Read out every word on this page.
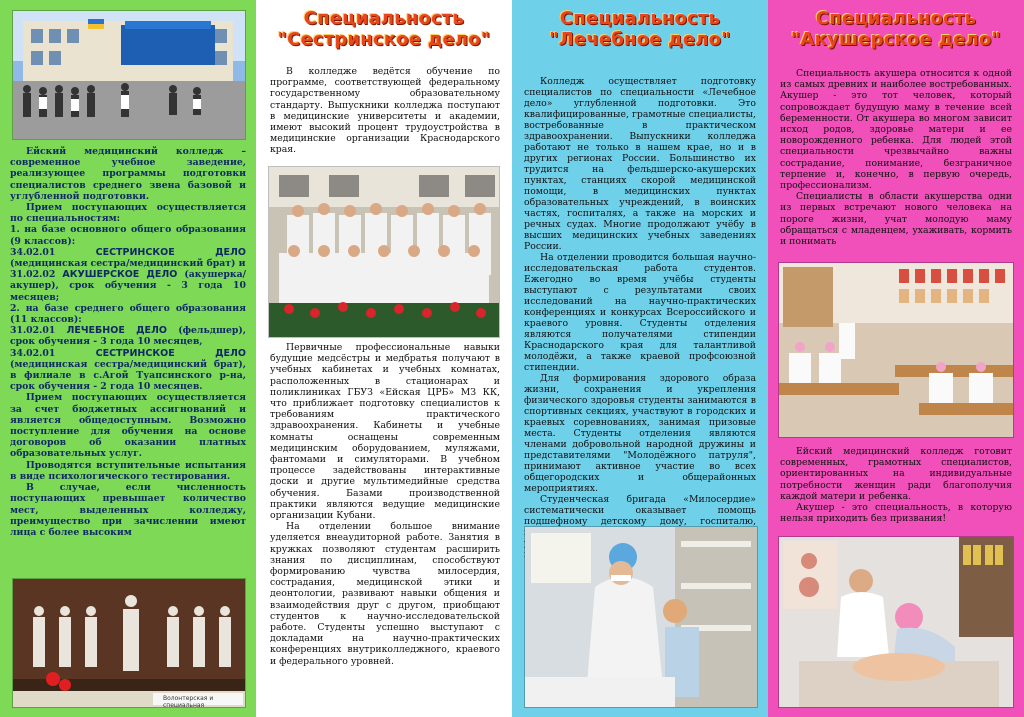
Ейский медицинский колледж – современное учебное заведение, реализующее программы подготовки специалистов среднего звена базовой и углубленной подготовки.

Прием поступающих осуществляется по специальностям:

1. на базе основного общего образования (9 классов):

34.02.01	СЕСТРИНСКОЕ ДЕЛО (медицинская сестра/медицинский брат) и

31.02.02 АКУШЕРСКОЕ ДЕЛО (акушерка/акушер), срок обучения - 3 года 10 месяцев;

2. на базе среднего общего образования (11 классов):

31.02.01 ЛЕЧЕБНОЕ ДЕЛО (фельдшер), срок обучения - 3 года 10 месяцев,

34.02.01	СЕСТРИНСКОЕ ДЕЛО (медицинская сестра/медицинский брат), в филиале в с.Агой Туапсинского р-на, срок обучения - 2 года 10 месяцев.

Прием поступающих осуществляется за счет бюджетных ассигнований и является общедоступным. Возможно поступление для обучения на основе договоров об оказании платных образовательных услуг.

Проводятся вступительные испытания в виде психологического тестирования.

В случае, если численность поступающих превышает количество мест, выделенных колледжу, преимущество при зачислении имеют лица с более высоким

Волонтерская и специальная

Специальность

"Сестринское дело"

В колледже ведётся обучение по программе, соответствующей федеральному государственному образовательному стандарту. Выпускники колледжа поступают в медицинские университеты и академии, имеют высокий процент трудоустройства в медицинские организации Краснодарского края.

Первичные профессиональные навыки будущие медсёстры и медбратья получают в учебных кабинетах и учебных комнатах, расположенных в стационарах и поликлиниках ГБУЗ «Ейская ЦРБ» МЗ КК, что приближает подготовку специалистов к требованиям практического здравоохранения. Кабинеты и учебные комнаты оснащены современным медицинским оборудованием, муляжами, фантомами и симуляторами. В учебном процессе задействованы интерактивные доски и другие мультимедийные средства обучения. Базами производственной практики являются ведущие медицинские организации Кубани.

На отделении большое внимание уделяется внеаудиторной работе. Занятия в кружках позволяют студентам расширить знания по дисциплинам, способствуют формированию чувства милосердия, сострадания, медицинской этики и деонтологии, развивают навыки общения и взаимодействия друг с другом, приобщают студентов к научно-исследовательской работе. Студенты успешно выступают с докладами на научно-практических конференциях внутриколледжного, краевого и федерального уровней.

Специальность

"Лечебное дело"

Колледж осуществляет подготовку специалистов по специальности «Лечебное дело» углубленной подготовки. Это квалифицированные, грамотные специалисты, востребованные в практическом здравоохранении. Выпускники колледжа работают не только в нашем крае, но и в других регионах России. Большинство их трудится на фельдшерско-акушерских пунктах, станциях скорой медицинской помощи, в медицинских пунктах образовательных учреждений, в воинских частях, госпиталях, а также на морских и речных судах. Многие продолжают учёбу в высших медицинских учебных заведениях России.

На отделении проводится большая научно-исследовательская работа студентов. Ежегодно во время учёбы студенты выступают с результатами своих исследований на научно-практических конференциях и конкурсах Всероссийского и краевого уровня. Студенты отделения являются получателями стипендии Краснодарского края для талантливой молодёжи, а также краевой профсоюзной стипендии.

Для формирования здорового образа жизни, сохранения и укрепления физического здоровья студенты занимаются в спортивных секциях, участвуют в городских и краевых соревнованиях, занимая призовые места. Студенты отделения являются членами добровольной народной дружины и представителями "Молодёжного патруля", принимают активное участие во всех общегородских и общерайонных мероприятиях.

Студенческая бригада «Милосердие» систематически оказывает помощь подшефному детскому дому, госпиталю,

Специальность

"Акушерское дело"

Специальность акушера относится к одной из самых древних и наиболее востребованных. Акушер - это тот человек, который сопровождает будущую маму в течение всей беременности. От акушера во многом зависит исход родов, здоровье матери и ее новорожденного ребенка. Для людей этой специальности чрезвычайно важны сострадание, понимание, безграничное терпение и, конечно, в первую очередь, профессионализм.

Специалисты в области акушерства одни из первых встречают нового человека на пороге жизни, учат молодую маму обращаться с младенцем, ухаживать, кормить и понимать

Ейский медицинский колледж готовит современных, грамотных специалистов, ориентированных на индивидуальные потребности женщин ради благополучия каждой матери и ребенка.

Акушер - это специальность, в которую нельзя приходить без призвания!
